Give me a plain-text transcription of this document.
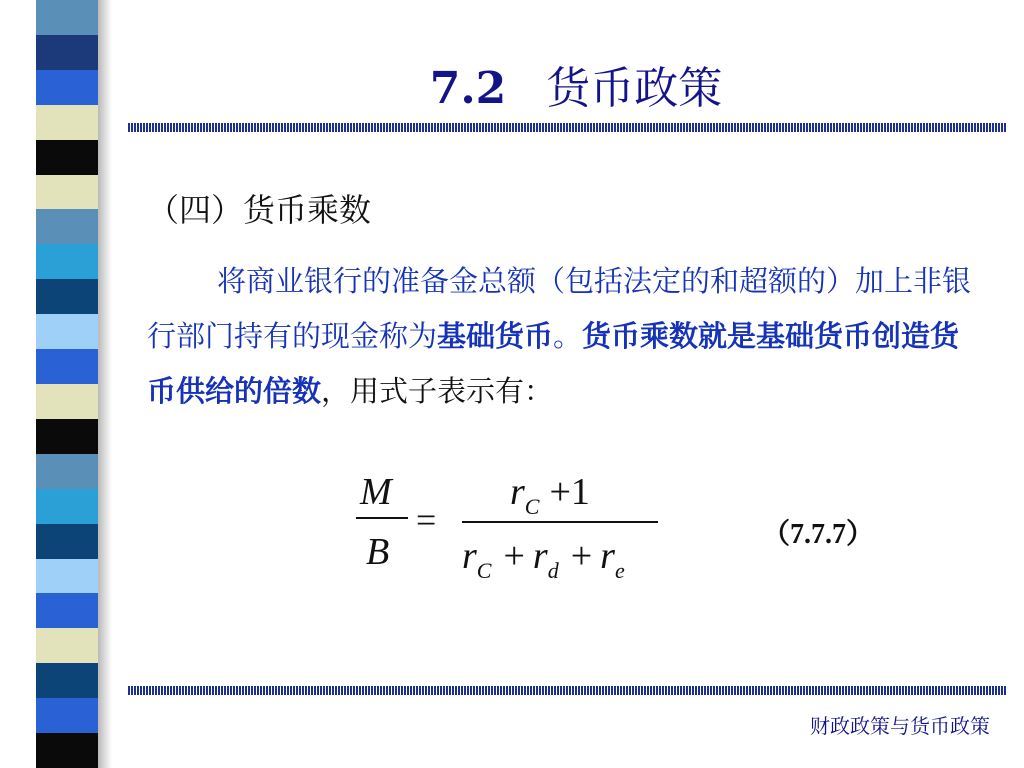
7.2 货币政策
（四）货币乘数
将商业银行的准备金总额（包括法定的和超额的）加上非银行部门持有的现金称为基础货币。货币乘数就是基础货币创造货币供给的倍数，用式子表示有：
M
B
=
$r_C +1$
$r_C + r_d + r_e$
（7.7.7）
财政政策与货币政策
